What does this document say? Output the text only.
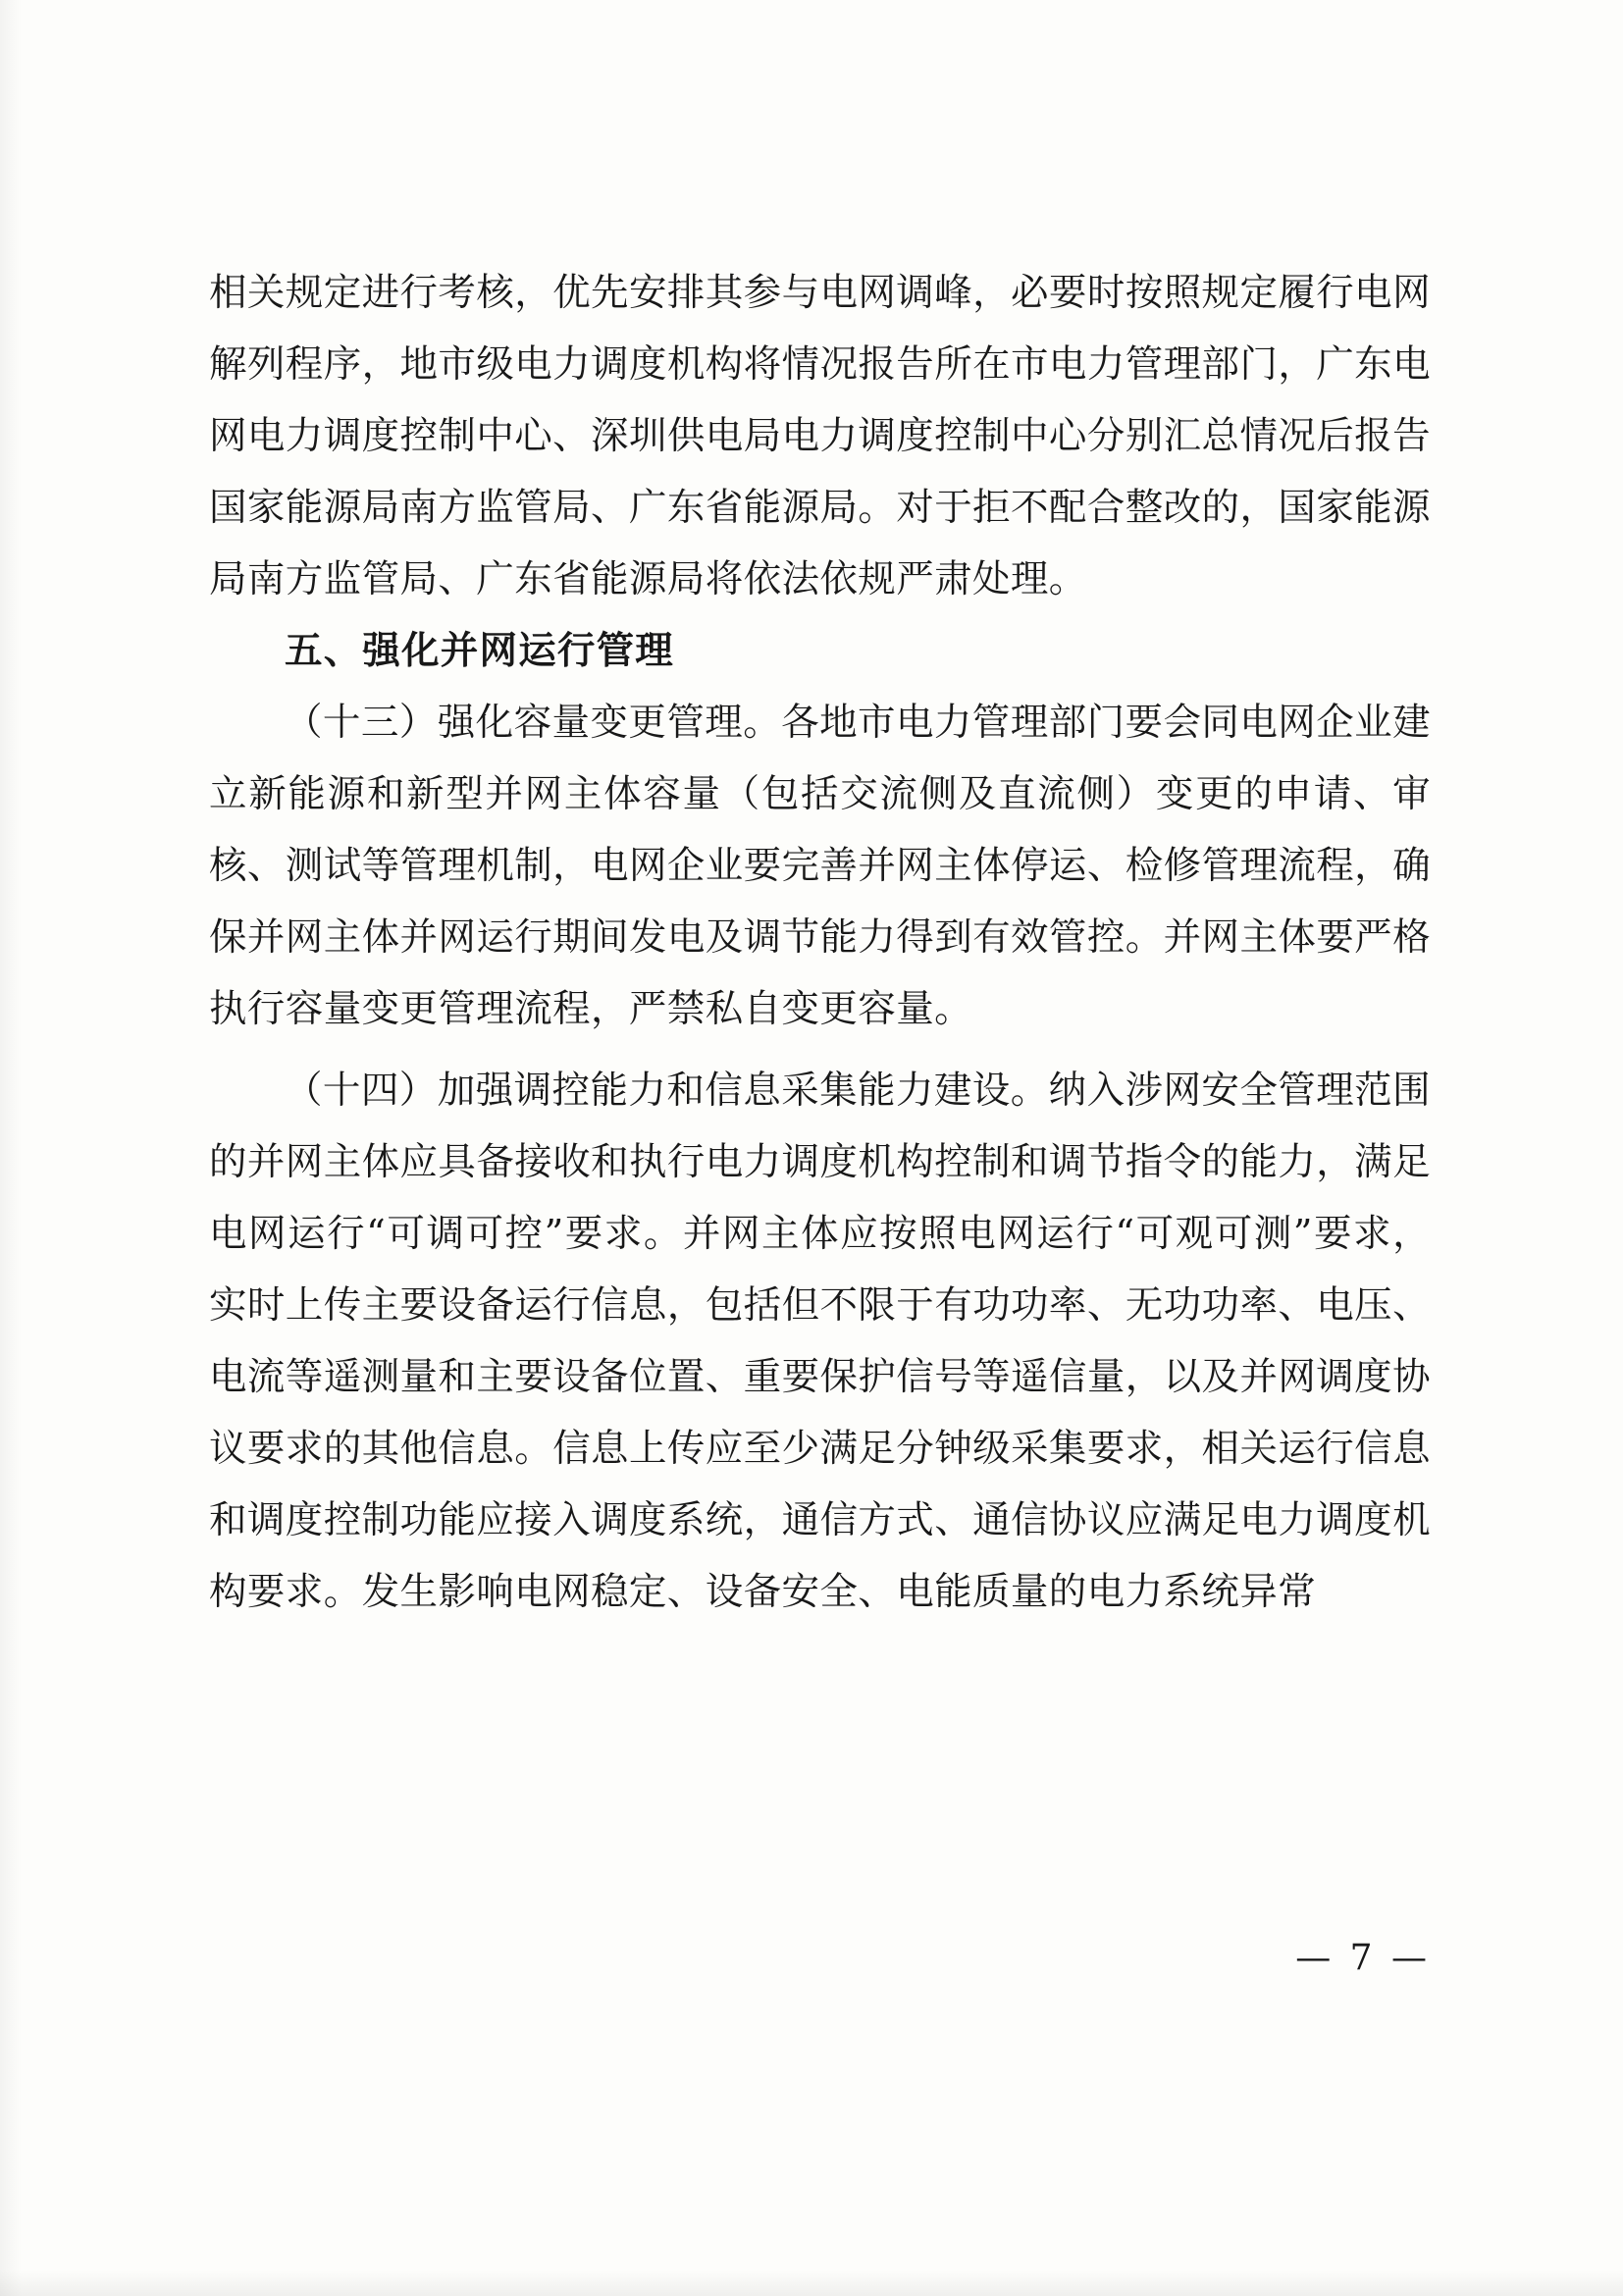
相关规定进行考核，优先安排其参与电网调峰，必要时按照规定履行电网解列程序，地市级电力调度机构将情况报告所在市电力管理部门，广东电网电力调度控制中心、深圳供电局电力调度控制中心分别汇总情况后报告国家能源局南方监管局、广东省能源局。对于拒不配合整改的，国家能源局南方监管局、广东省能源局将依法依规严肃处理。

五、强化并网运行管理

（十三）强化容量变更管理。各地市电力管理部门要会同电网企业建立新能源和新型并网主体容量（包括交流侧及直流侧）变更的申请、审核、测试等管理机制，电网企业要完善并网主体停运、检修管理流程，确保并网主体并网运行期间发电及调节能力得到有效管控。并网主体要严格执行容量变更管理流程，严禁私自变更容量。

（十四）加强调控能力和信息采集能力建设。纳入涉网安全管理范围的并网主体应具备接收和执行电力调度机构控制和调节指令的能力，满足电网运行“可调可控”要求。并网主体应按照电网运行“可观可测”要求，实时上传主要设备运行信息，包括但不限于有功功率、无功功率、电压、电流等遥测量和主要设备位置、重要保护信号等遥信量，以及并网调度协议要求的其他信息。信息上传应至少满足分钟级采集要求，相关运行信息和调度控制功能应接入调度系统，通信方式、通信协议应满足电力调度机构要求。发生影响电网稳定、设备安全、电能质量的电力系统异常

— 7 —
